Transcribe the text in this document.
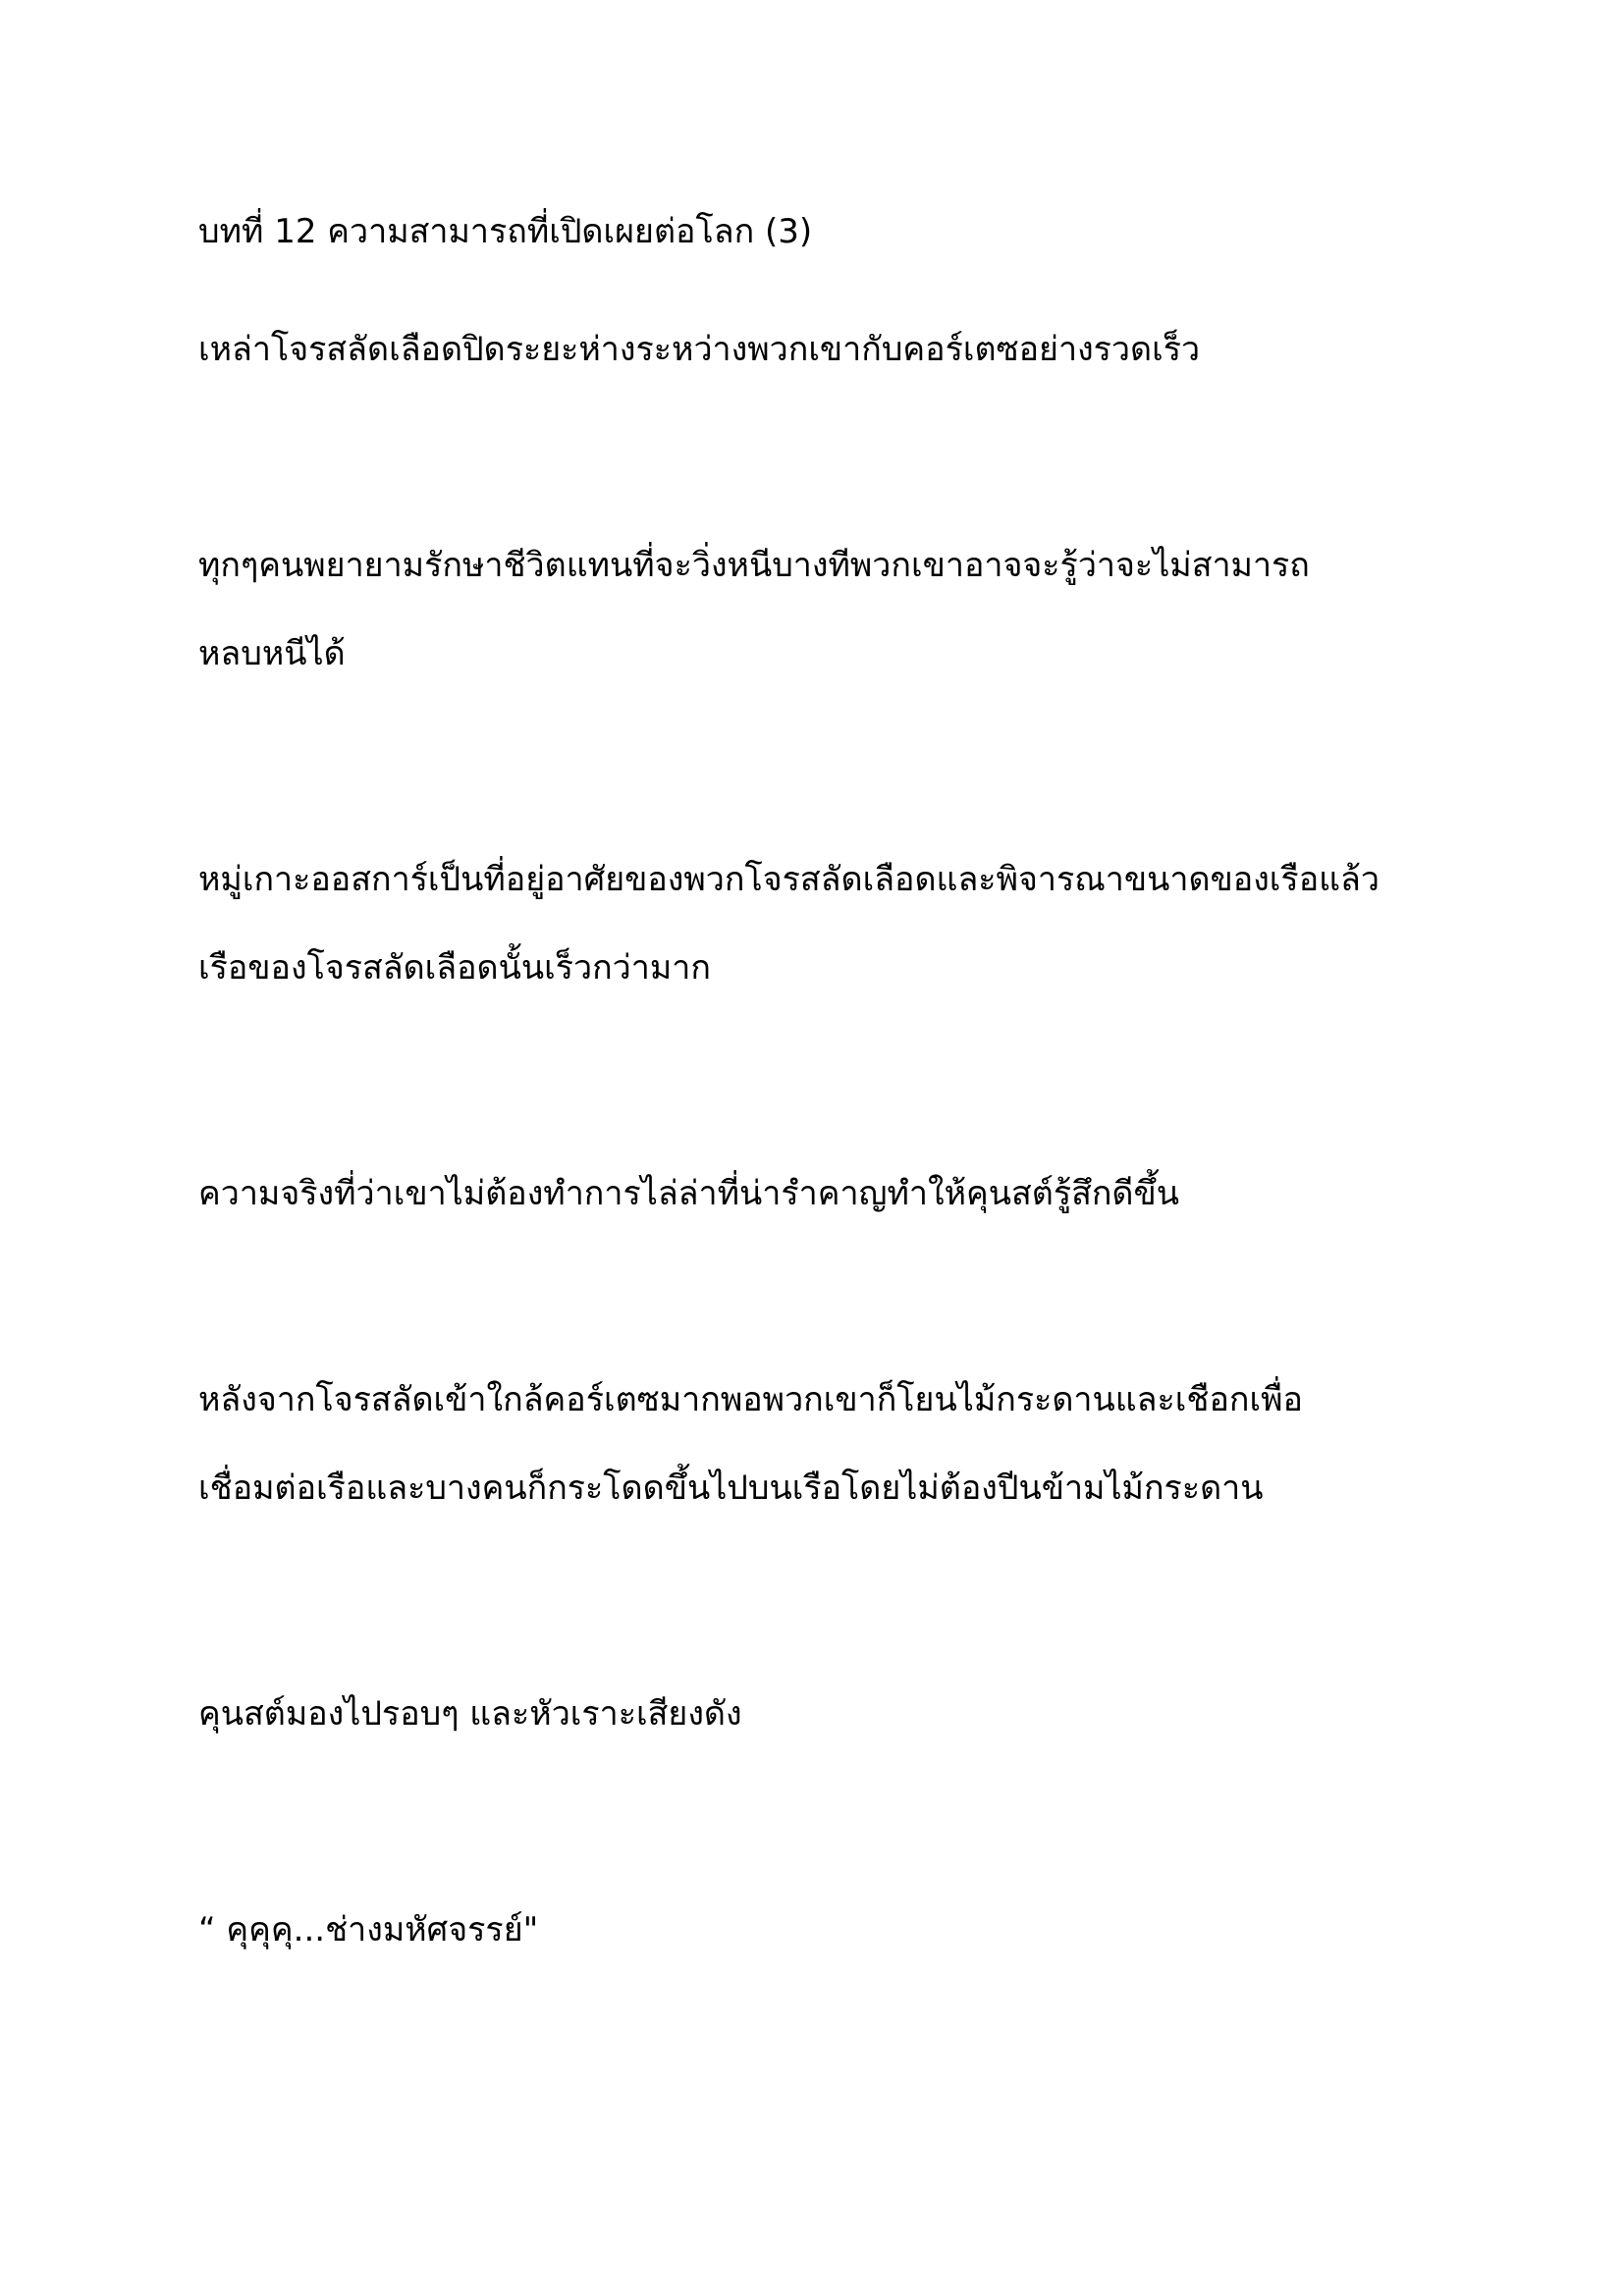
บทที่ 12 ความสามารถที่เปิดเผยต่อโลก (3)

เหล่าโจรสลัดเลือดปิดระยะห่างระหว่างพวกเขากับคอร์เตซอย่างรวดเร็ว

ทุกๆคนพยายามรักษาชีวิตแทนที่จะวิ่งหนีบางทีพวกเขาอาจจะรู้ว่าจะไม่สามารถ

หลบหนีได้

หมู่เกาะออสการ์เป็นที่อยู่อาศัยของพวกโจรสลัดเลือดและพิจารณาขนาดของเรือแล้ว

เรือของโจรสลัดเลือดนั้นเร็วกว่ามาก

ความจริงที่ว่าเขาไม่ต้องทำการไล่ล่าที่น่ารำคาญทำให้คุนสต์รู้สึกดีขึ้น

หลังจากโจรสลัดเข้าใกล้คอร์เตซมากพอพวกเขาก็โยนไม้กระดานและเชือกเพื่อ

เชื่อมต่อเรือและบางคนก็กระโดดขึ้นไปบนเรือโดยไม่ต้องปีนข้ามไม้กระดาน

คุนสต์มองไปรอบๆ และหัวเราะเสียงดัง

“ คุคุคุ...ช่างมหัศจรรย์"
